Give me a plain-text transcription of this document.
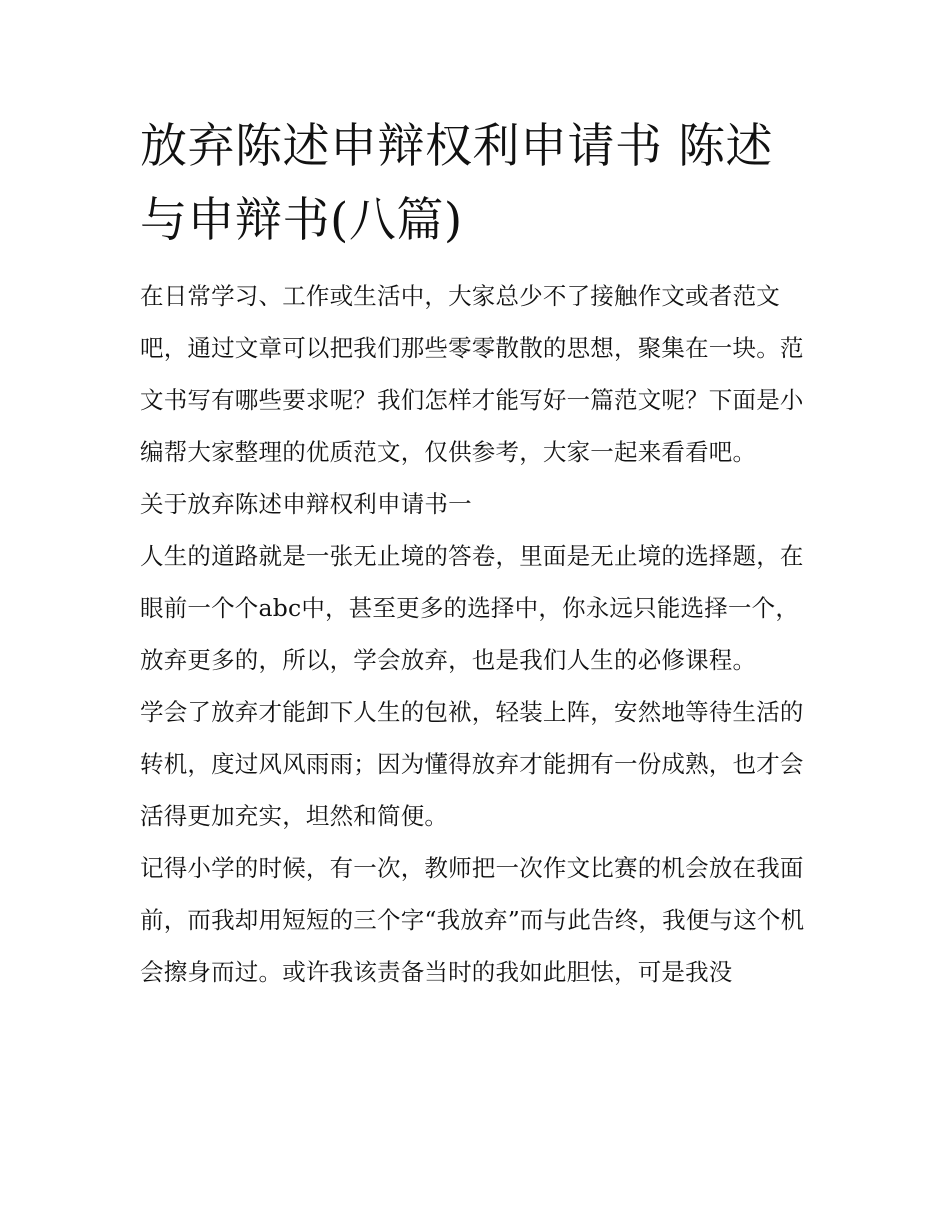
放弃陈述申辩权利申请书 陈述与申辩书(八篇)

在日常学习、工作或生活中，大家总少不了接触作文或者范文吧，通过文章可以把我们那些零零散散的思想，聚集在一块。范文书写有哪些要求呢？我们怎样才能写好一篇范文呢？下面是小编帮大家整理的优质范文，仅供参考，大家一起来看看吧。

关于放弃陈述申辩权利申请书一

人生的道路就是一张无止境的答卷，里面是无止境的选择题，在眼前一个个abc中，甚至更多的选择中，你永远只能选择一个，放弃更多的，所以，学会放弃，也是我们人生的必修课程。

学会了放弃才能卸下人生的包袱，轻装上阵，安然地等待生活的转机，度过风风雨雨；因为懂得放弃才能拥有一份成熟，也才会活得更加充实，坦然和简便。

记得小学的时候，有一次，教师把一次作文比赛的机会放在我面前，而我却用短短的三个字“我放弃”而与此告终，我便与这个机会擦身而过。或许我该责备当时的我如此胆怯，可是我没
